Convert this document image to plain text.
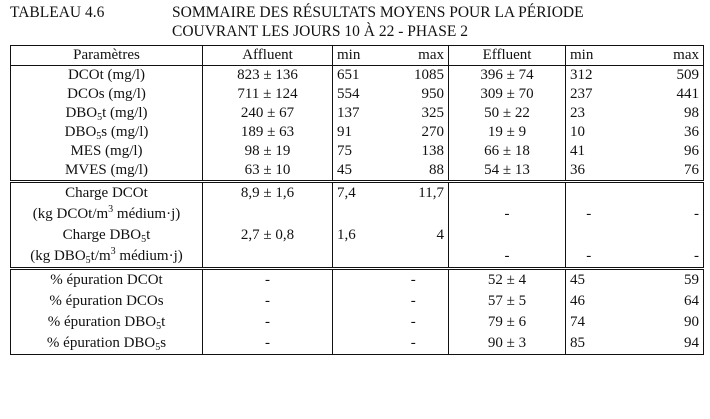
TABLEAU 4.6	SOMMAIRE DES RÉSULTATS MOYENS POUR LA PÉRIODE
COUVRANT LES JOURS 10 À 22 - PHASE 2
Paramètres	Affluent	min	max	Effluent	min	max
DCOt (mg/l)	823 ± 136	651	1085	396 ± 74	312	509
DCOs (mg/l)	711 ± 124	554	950	309 ± 70	237	441
$DBO_5t$ (mg/l)	240 ± 67	137	325	50 ± 22	23	98
$DBO_5s$ (mg/l)	189 ± 63	91	270	19 ± 9	10	36
MES (mg/l)	98 ± 19	75	138	66 ± 18	41	96
MVES (mg/l)	63 ± 10	45	88	54 ± 13	36	76
Charge DCOt	8,9 ± 1,6	7,4	11,7			
(kg DCOt/$m^3$ médium·j)				-	-	-
Charge $DBO_5t$	2,7 ± 0,8	1,6	4			
(kg $DBO_5t/m^3$ médium·j)				-	-	-
% épuration DCOt	-		-	52 ± 4	45	59
% épuration DCOs	-		-	57 ± 5	46	64
% épuration $DBO_5t$	-		-	79 ± 6	74	90
% épuration $DBO_5s$	-		-	90 ± 3	85	94
